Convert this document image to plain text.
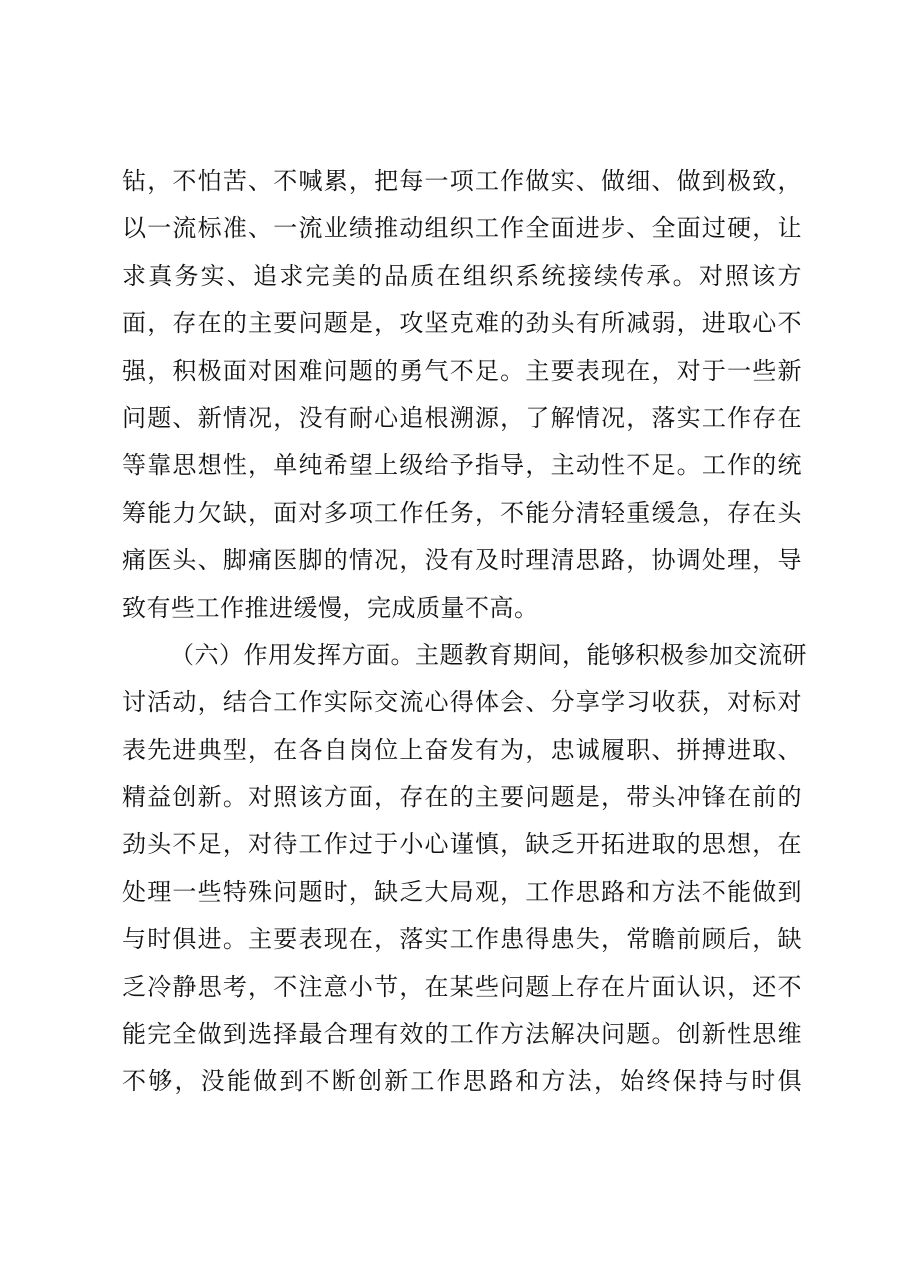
钻，不怕苦、不喊累，把每一项工作做实、做细、做到极致，
以一流标准、一流业绩推动组织工作全面进步、全面过硬，让
求真务实、追求完美的品质在组织系统接续传承。对照该方
面，存在的主要问题是，攻坚克难的劲头有所减弱，进取心不
强，积极面对困难问题的勇气不足。主要表现在，对于一些新
问题、新情况，没有耐心追根溯源，了解情况，落实工作存在
等靠思想性，单纯希望上级给予指导，主动性不足。工作的统
筹能力欠缺，面对多项工作任务，不能分清轻重缓急，存在头
痛医头、脚痛医脚的情况，没有及时理清思路，协调处理，导
致有些工作推进缓慢，完成质量不高。
（六）作用发挥方面。主题教育期间，能够积极参加交流研
讨活动，结合工作实际交流心得体会、分享学习收获，对标对
表先进典型，在各自岗位上奋发有为，忠诚履职、拼搏进取、
精益创新。对照该方面，存在的主要问题是，带头冲锋在前的
劲头不足，对待工作过于小心谨慎，缺乏开拓进取的思想，在
处理一些特殊问题时，缺乏大局观，工作思路和方法不能做到
与时俱进。主要表现在，落实工作患得患失，常瞻前顾后，缺
乏冷静思考，不注意小节，在某些问题上存在片面认识，还不
能完全做到选择最合理有效的工作方法解决问题。创新性思维
不够，没能做到不断创新工作思路和方法，始终保持与时俱
